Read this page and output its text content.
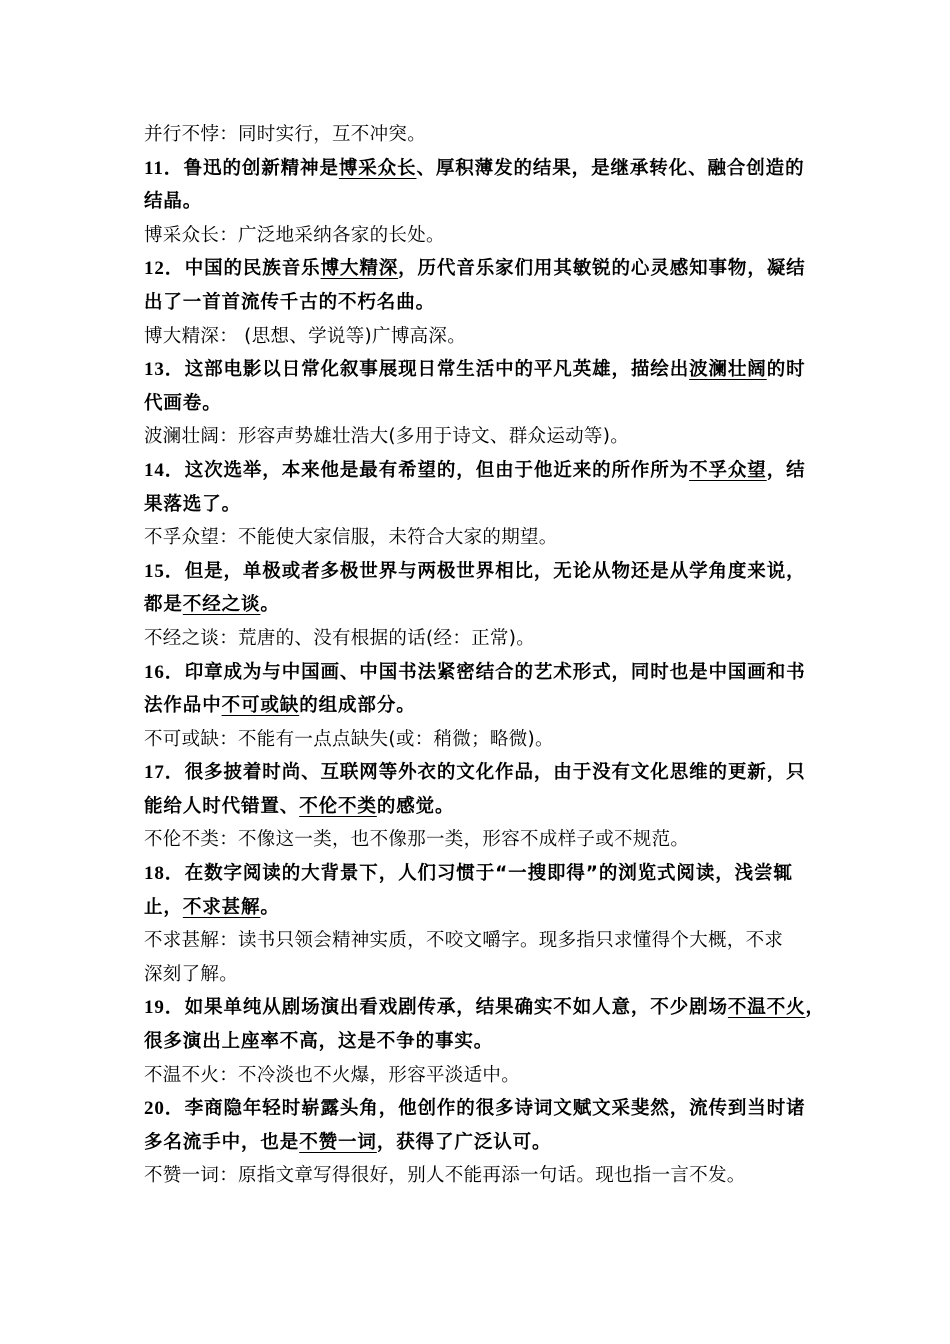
并行不悖：同时实行，互不冲突。
11．鲁迅的创新精神是博采众长、厚积薄发的结果，是继承转化、融合创造的
结晶。
博采众长：广泛地采纳各家的长处。
12．中国的民族音乐博大精深，历代音乐家们用其敏锐的心灵感知事物，凝结
出了一首首流传千古的不朽名曲。
博大精深： (思想、学说等)广博高深。
13．这部电影以日常化叙事展现日常生活中的平凡英雄，描绘出波澜壮阔的时
代画卷。
波澜壮阔：形容声势雄壮浩大(多用于诗文、群众运动等)。
14．这次选举，本来他是最有希望的，但由于他近来的所作所为不孚众望，结
果落选了。
不孚众望：不能使大家信服，未符合大家的期望。
15．但是，单极或者多极世界与两极世界相比，无论从物还是从学角度来说，
都是不经之谈。
不经之谈：荒唐的、没有根据的话(经：正常)。
16．印章成为与中国画、中国书法紧密结合的艺术形式，同时也是中国画和书
法作品中不可或缺的组成部分。
不可或缺：不能有一点点缺失(或：稍微；略微)。
17．很多披着时尚、互联网等外衣的文化作品，由于没有文化思维的更新，只
能给人时代错置、不伦不类的感觉。
不伦不类：不像这一类，也不像那一类，形容不成样子或不规范。
18．在数字阅读的大背景下，人们习惯于“一搜即得”的浏览式阅读，浅尝辄
止，不求甚解。
不求甚解：读书只领会精神实质，不咬文嚼字。现多指只求懂得个大概，不求
深刻了解。
19．如果单纯从剧场演出看戏剧传承，结果确实不如人意，不少剧场不温不火，
很多演出上座率不高，这是不争的事实。
不温不火：不冷淡也不火爆，形容平淡适中。
20．李商隐年轻时崭露头角，他创作的很多诗词文赋文采斐然，流传到当时诸
多名流手中，也是不赞一词，获得了广泛认可。
不赞一词：原指文章写得很好，别人不能再添一句话。现也指一言不发。
